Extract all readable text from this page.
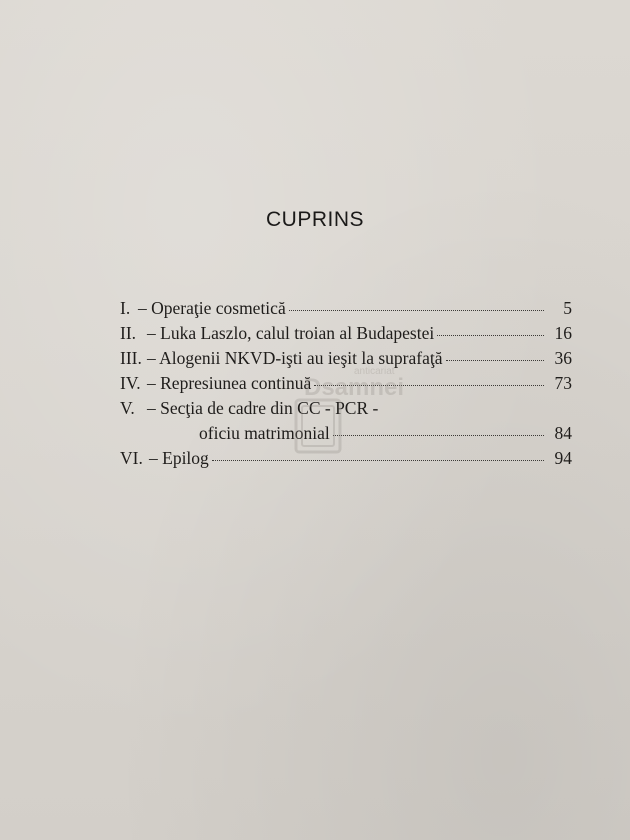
CUPRINS
I. – Operaţie cosmetică	5
II. – Luka Laszlo, calul troian al Budapestei	16
III. – Alogenii NKVD-işti au ieşit la suprafaţă	36
IV. – Represiunea continuă	73
V. – Secţia de cadre din CC - PCR -
oficiu matrimonial	84
VI. – Epilog	94
anticariat
Dsamnei
